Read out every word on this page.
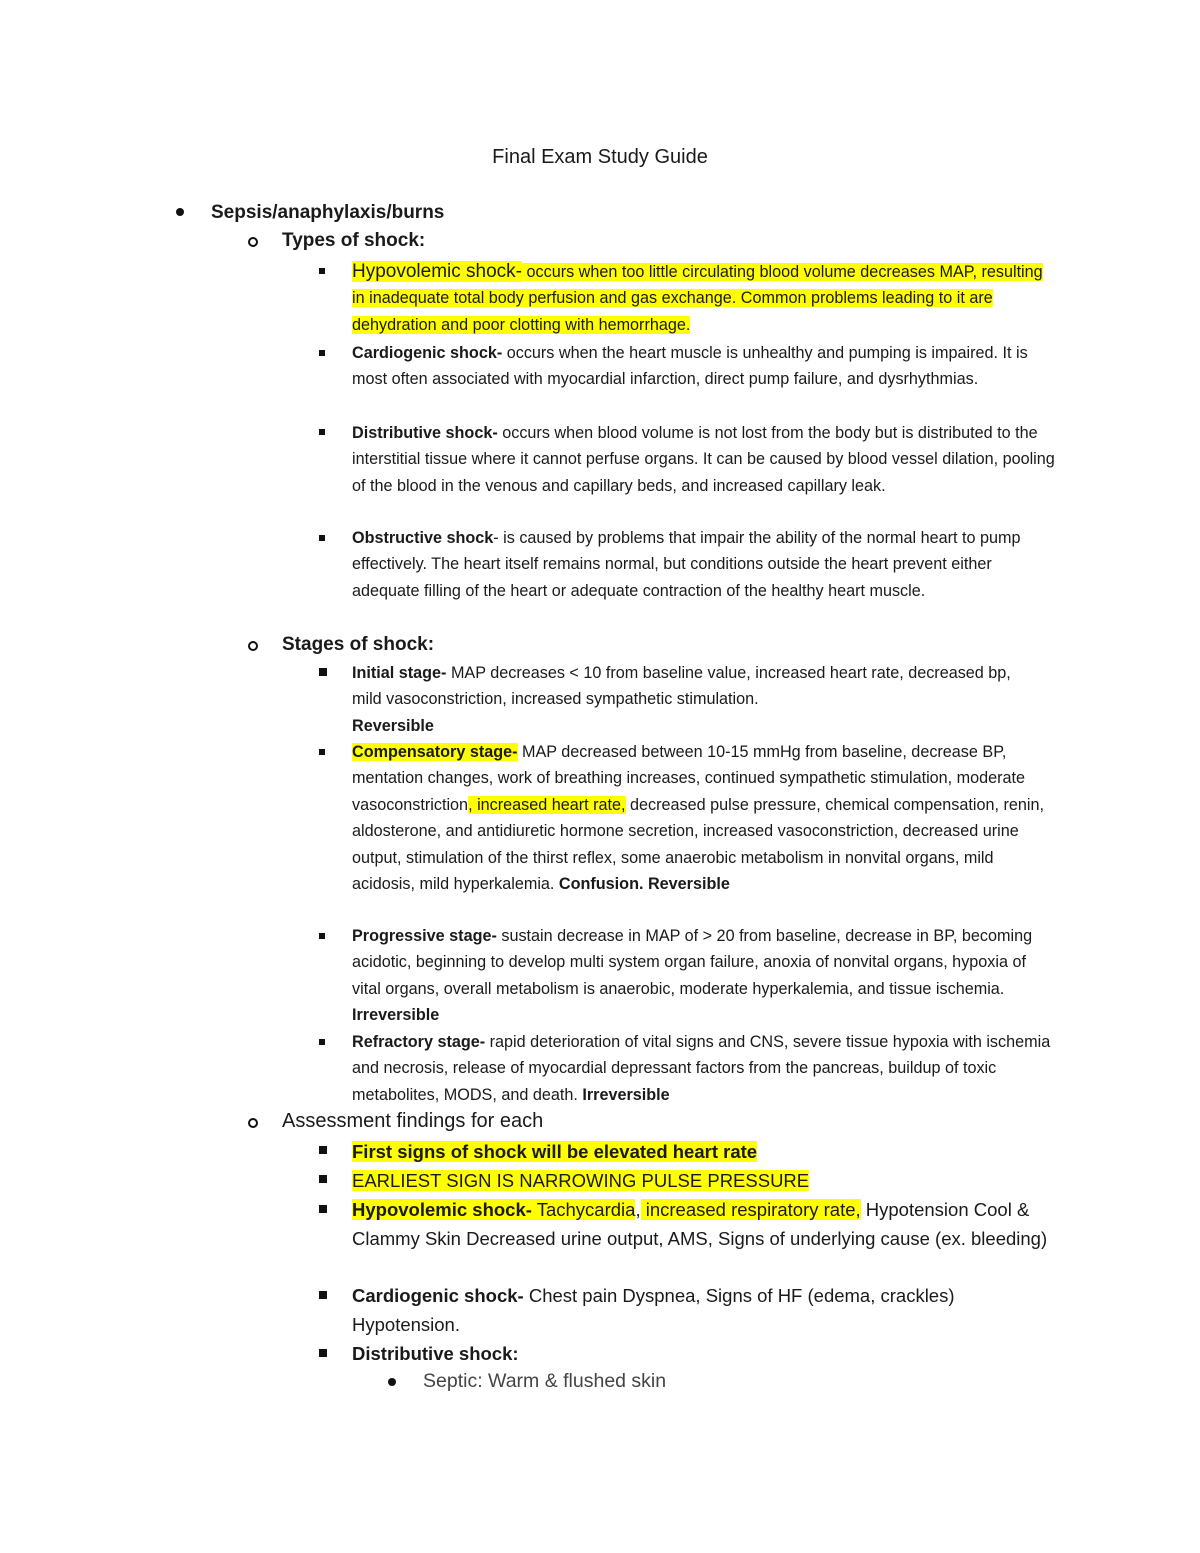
Final Exam Study Guide
Sepsis/anaphylaxis/burns
Types of shock:
Hypovolemic shock- occurs when too little circulating blood volume decreases MAP, resulting in inadequate total body perfusion and gas exchange. Common problems leading to it are dehydration and poor clotting with hemorrhage.
Cardiogenic shock- occurs when the heart muscle is unhealthy and pumping is impaired. It is most often associated with myocardial infarction, direct pump failure, and dysrhythmias.
Distributive shock- occurs when blood volume is not lost from the body but is distributed to the interstitial tissue where it cannot perfuse organs. It can be caused by blood vessel dilation, pooling of the blood in the venous and capillary beds, and increased capillary leak.
Obstructive shock- is caused by problems that impair the ability of the normal heart to pump effectively. The heart itself remains normal, but conditions outside the heart prevent either adequate filling of the heart or adequate contraction of the healthy heart muscle.
Stages of shock:
Initial stage- MAP decreases < 10 from baseline value, increased heart rate, decreased bp, mild vasoconstriction, increased sympathetic stimulation.
Reversible
Compensatory stage- MAP decreased between 10-15 mmHg from baseline, decrease BP, mentation changes, work of breathing increases, continued sympathetic stimulation, moderate vasoconstriction, increased heart rate, decreased pulse pressure, chemical compensation, renin, aldosterone, and antidiuretic hormone secretion, increased vasoconstriction, decreased urine output, stimulation of the thirst reflex, some anaerobic metabolism in nonvital organs, mild acidosis, mild hyperkalemia. Confusion. Reversible
Progressive stage- sustain decrease in MAP of > 20 from baseline, decrease in BP, becoming acidotic, beginning to develop multi system organ failure, anoxia of nonvital organs, hypoxia of vital organs, overall metabolism is anaerobic, moderate hyperkalemia, and tissue ischemia. Irreversible
Refractory stage- rapid deterioration of vital signs and CNS, severe tissue hypoxia with ischemia and necrosis, release of myocardial depressant factors from the pancreas, buildup of toxic metabolites, MODS, and death. Irreversible
Assessment findings for each
First signs of shock will be elevated heart rate
EARLIEST SIGN IS NARROWING PULSE PRESSURE
Hypovolemic shock- Tachycardia, increased respiratory rate, Hypotension Cool & Clammy Skin Decreased urine output, AMS, Signs of underlying cause (ex. bleeding)
Cardiogenic shock- Chest pain Dyspnea, Signs of HF (edema, crackles) Hypotension.
Distributive shock:
Septic: Warm & flushed skin
